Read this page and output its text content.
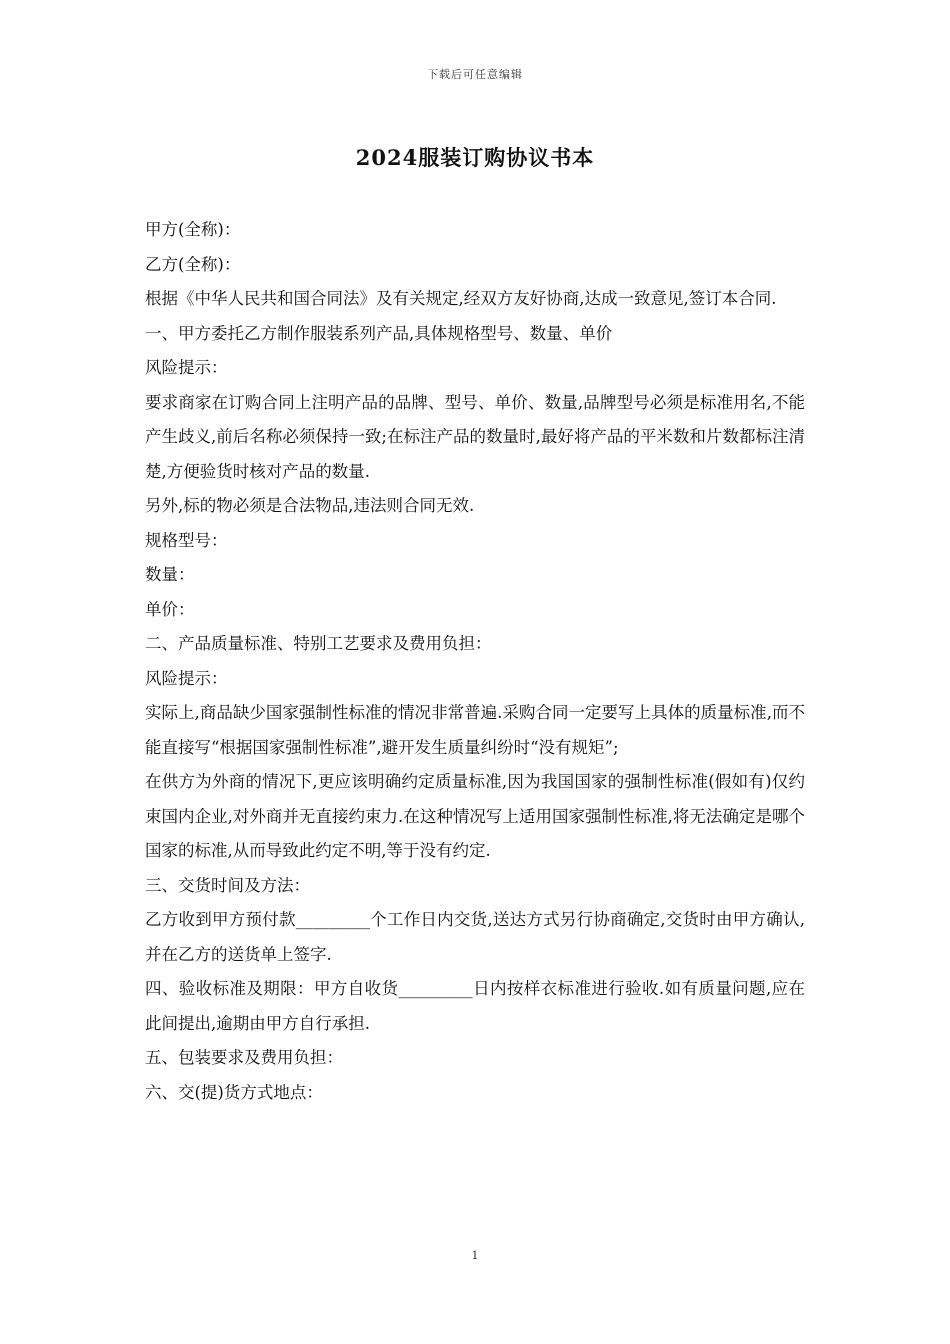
下载后可任意编辑
2024服装订购协议书本

甲方(全称)：

乙方(全称)：

根据《中华人民共和国合同法》及有关规定,经双方友好协商,达成一致意见,签订本合同.

一、甲方委托乙方制作服装系列产品,具体规格型号、数量、单价

风险提示：

要求商家在订购合同上注明产品的品牌、型号、单价、数量,品牌型号必须是标准用名,不能产生歧义,前后名称必须保持一致;在标注产品的数量时,最好将产品的平米数和片数都标注清楚,方便验货时核对产品的数量.

另外,标的物必须是合法物品,违法则合同无效.

规格型号：

数量：

单价：

二、产品质量标准、特别工艺要求及费用负担：

风险提示：

实际上,商品缺少国家强制性标准的情况非常普遍.采购合同一定要写上具体的质量标准,而不能直接写“根据国家强制性标准”,避开发生质量纠纷时“没有规矩”;

在供方为外商的情况下,更应该明确约定质量标准,因为我国国家的强制性标准(假如有)仅约束国内企业,对外商并无直接约束力.在这种情况写上适用国家强制性标准,将无法确定是哪个国家的标准,从而导致此约定不明,等于没有约定.

三、交货时间及方法：

乙方收到甲方预付款_________个工作日内交货,送达方式另行协商确定,交货时由甲方确认,并在乙方的送货单上签字.

四、验收标准及期限：甲方自收货_________日内按样衣标准进行验收.如有质量问题,应在此间提出,逾期由甲方自行承担.

五、包装要求及费用负担：

六、交(提)货方式地点：

1
